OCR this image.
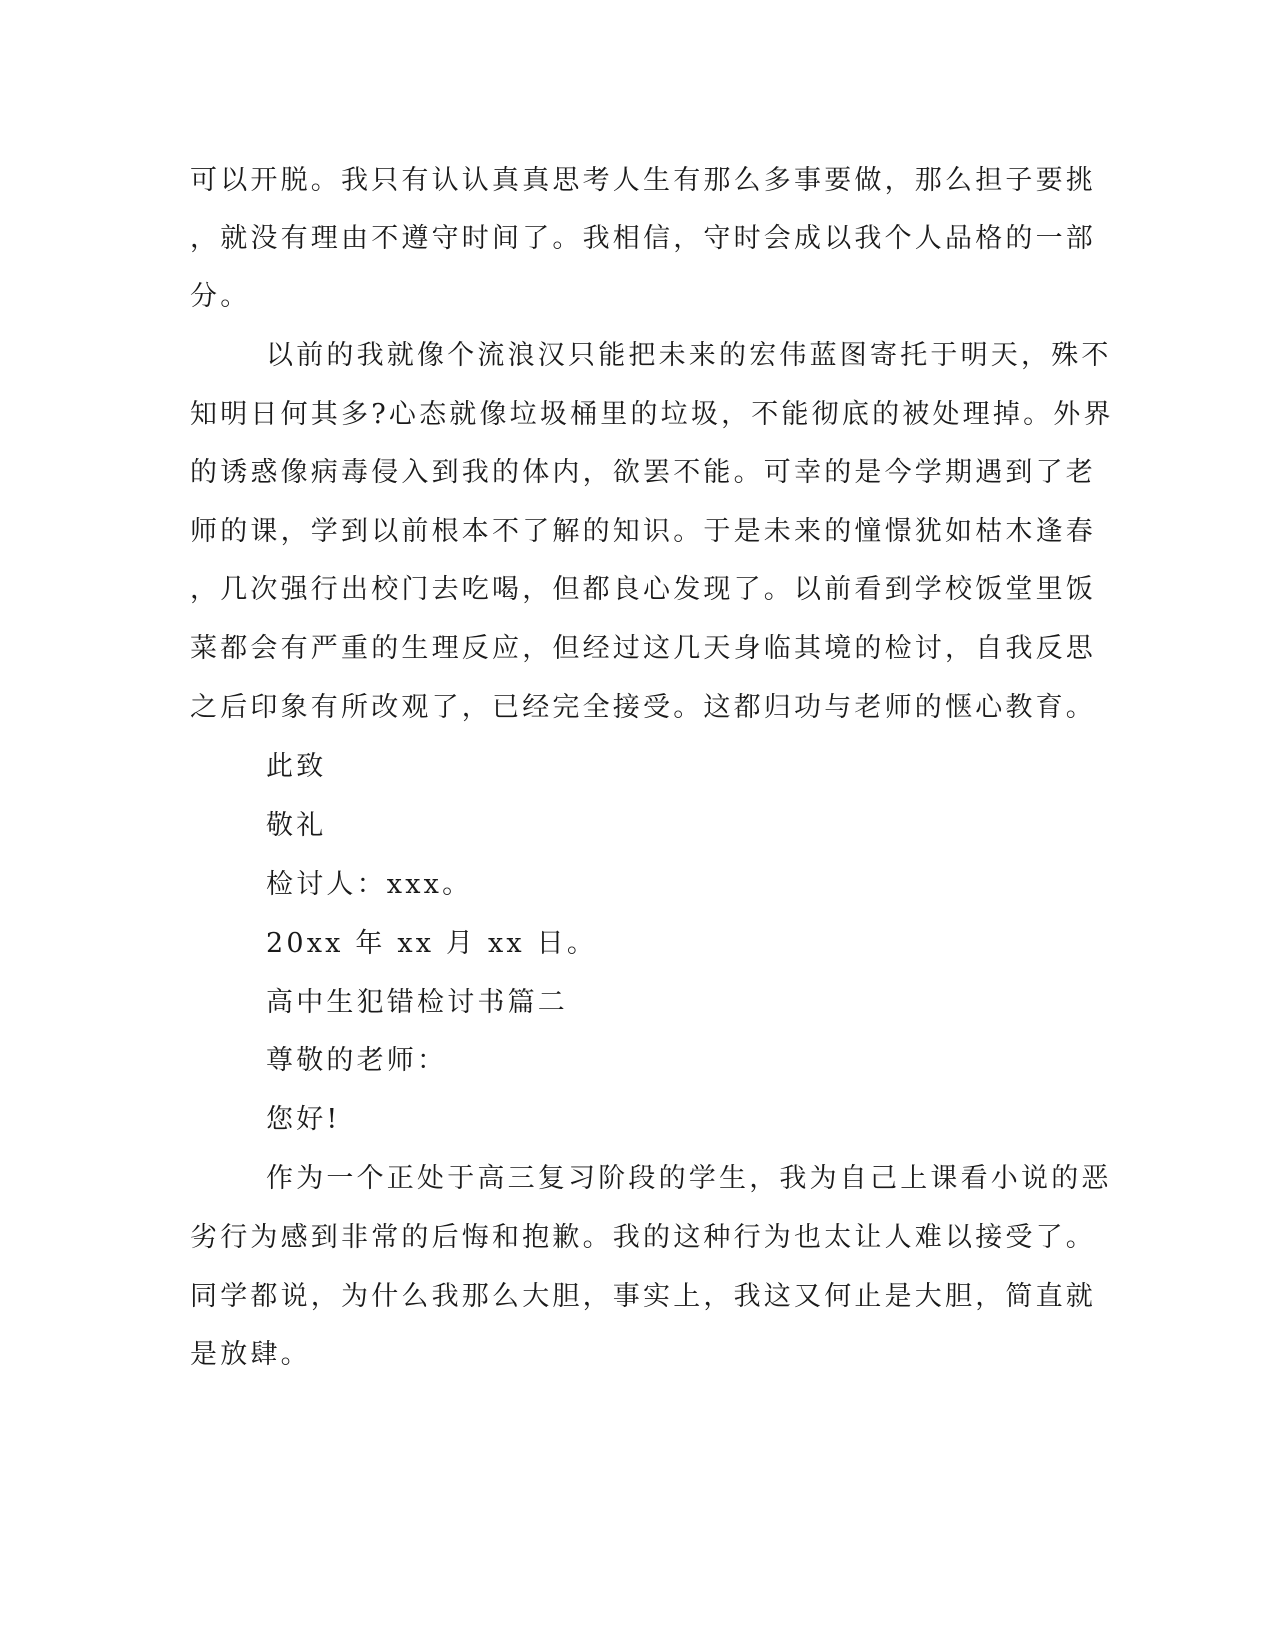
可以开脱。我只有认认真真思考人生有那么多事要做，那么担子要挑

，就没有理由不遵守时间了。我相信，守时会成以我个人品格的一部

分。

以前的我就像个流浪汉只能把未来的宏伟蓝图寄托于明天，殊不

知明日何其多?心态就像垃圾桶里的垃圾，不能彻底的被处理掉。外界

的诱惑像病毒侵入到我的体内，欲罢不能。可幸的是今学期遇到了老

师的课，学到以前根本不了解的知识。于是未来的憧憬犹如枯木逢春

，几次强行出校门去吃喝，但都良心发现了。以前看到学校饭堂里饭

菜都会有严重的生理反应，但经过这几天身临其境的检讨，自我反思

之后印象有所改观了，已经完全接受。这都归功与老师的惬心教育。

此致

敬礼

检讨人：xxx。

20xx 年 xx 月 xx 日。

高中生犯错检讨书篇二

尊敬的老师：

您好!

作为一个正处于高三复习阶段的学生，我为自己上课看小说的恶

劣行为感到非常的后悔和抱歉。我的这种行为也太让人难以接受了。

同学都说，为什么我那么大胆，事实上，我这又何止是大胆，简直就

是放肆。
